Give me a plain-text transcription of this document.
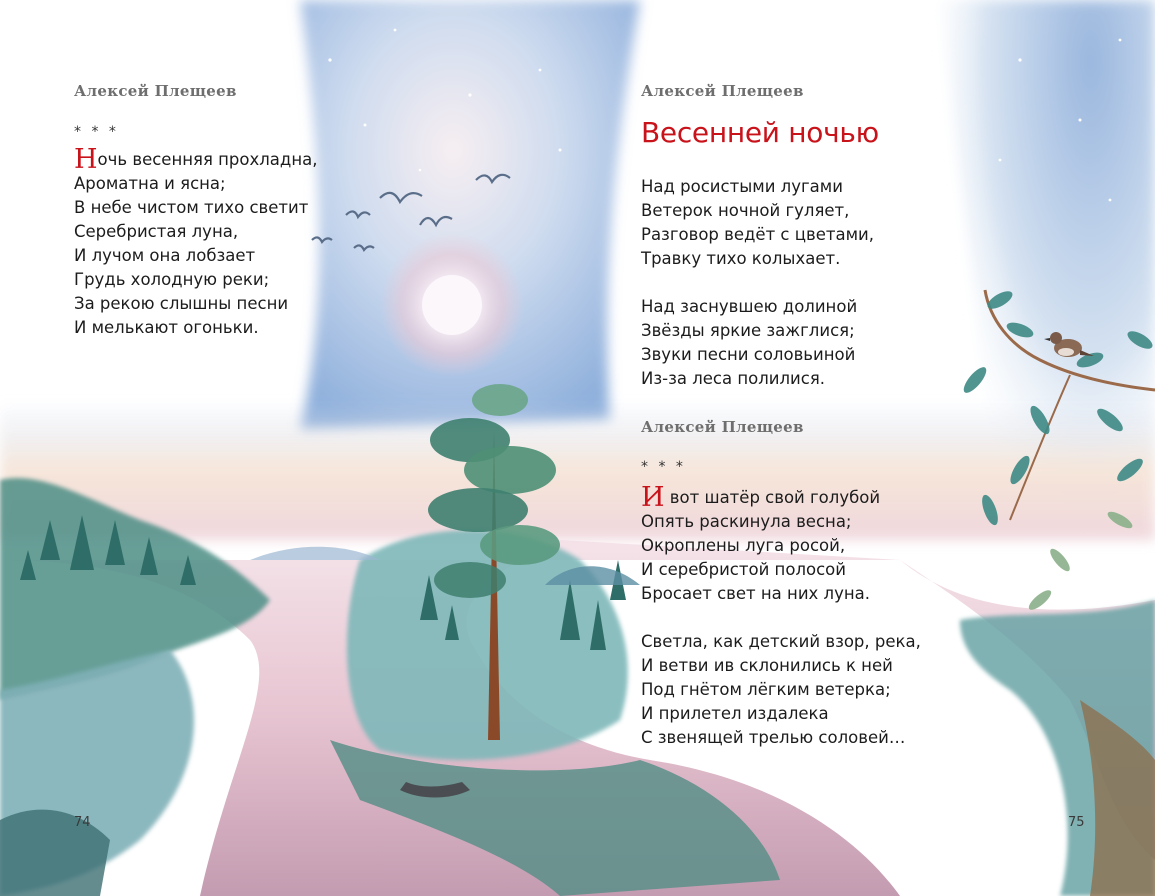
Алексей Плещеев
* * *
Ночь весенняя прохладна,
Ароматна и ясна;
В небе чистом тихо светит
Серебристая луна,
И лучом она лобзает
Грудь холодную реки;
За рекою слышны песни
И мелькают огоньки.
74
Алексей Плещеев
Весенней ночью
Над росистыми лугами
Ветерок ночной гуляет,
Разговор ведёт с цветами,
Травку тихо колыхает.
Над заснувшею долиной
Звёзды яркие зажглися;
Звуки песни соловьиной
Из-за леса полилися.
Алексей Плещеев
* * *
И вот шатёр свой голубой
Опять раскинула весна;
Окроплены луга росой,
И серебристой полосой
Бросает свет на них луна.
Светла, как детский взор, река,
И ветви ив склонились к ней
Под гнётом лёгким ветерка;
И прилетел издалека
С звенящей трелью соловей…
75
